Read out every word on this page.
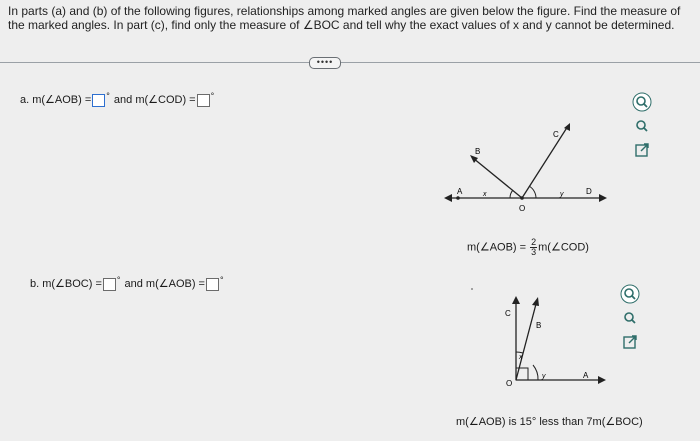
In parts (a) and (b) of the following figures, relationships among marked angles are given below the figure. Find the measure of the marked angles. In part (c), find only the measure of ∠BOC and tell why the exact values of x and y cannot be determined.
••••
a. m(∠AOB) = ° and m(∠COD) = °
b. m(∠BOC) = ° and m(∠AOB) = °
A
B
C
D
O
x	y
m(∠AOB) = $\frac{2}{3}$ m(∠COD)
C
B
A
O
x
y
m(∠AOB) is 15° less than 7m(∠BOC)
